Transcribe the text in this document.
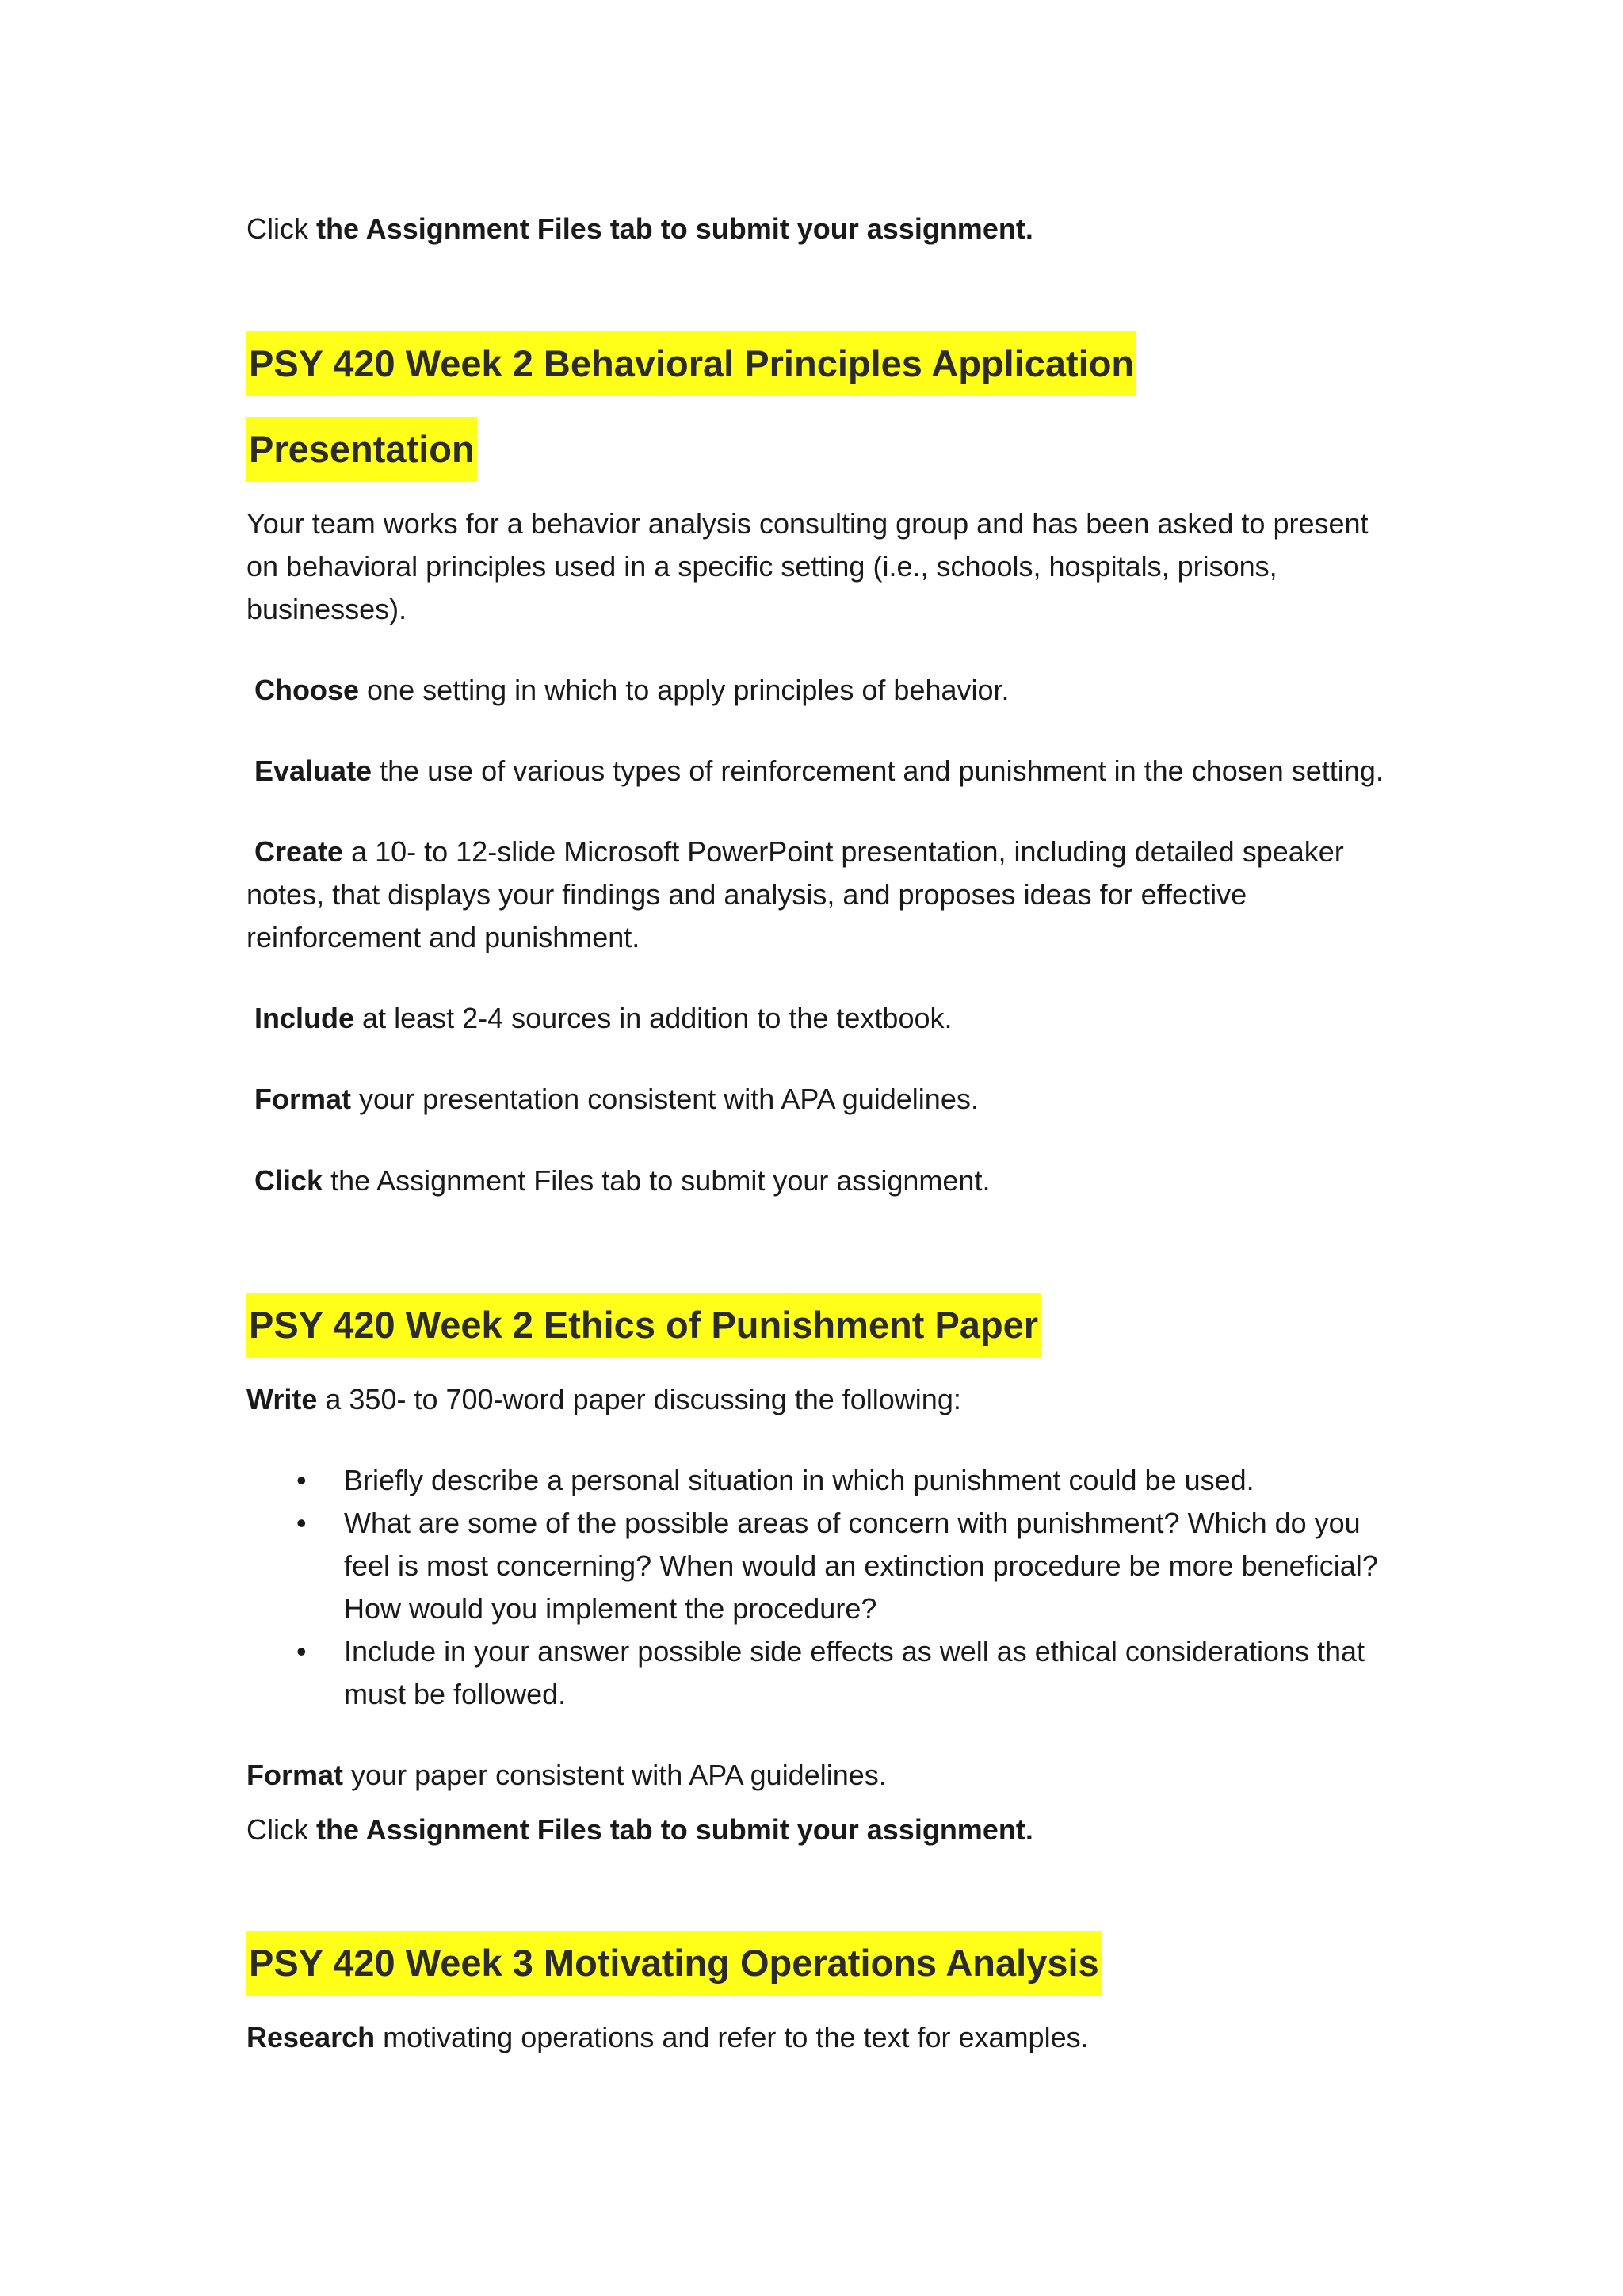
Click the Assignment Files tab to submit your assignment.
PSY 420 Week 2 Behavioral Principles Application
Presentation
Your team works for a behavior analysis consulting group and has been asked to present
on behavioral principles used in a specific setting (i.e., schools, hospitals, prisons,
businesses).
Choose one setting in which to apply principles of behavior.
Evaluate the use of various types of reinforcement and punishment in the chosen setting.
Create a 10- to 12-slide Microsoft PowerPoint presentation, including detailed speaker
notes, that displays your findings and analysis, and proposes ideas for effective
reinforcement and punishment.
Include at least 2-4 sources in addition to the textbook.
Format your presentation consistent with APA guidelines.
Click the Assignment Files tab to submit your assignment.
PSY 420 Week 2 Ethics of Punishment Paper
Write a 350- to 700-word paper discussing the following:
• Briefly describe a personal situation in which punishment could be used.
• What are some of the possible areas of concern with punishment? Which do you
feel is most concerning? When would an extinction procedure be more beneficial?
How would you implement the procedure?
• Include in your answer possible side effects as well as ethical considerations that
must be followed.
Format your paper consistent with APA guidelines.
Click the Assignment Files tab to submit your assignment.
PSY 420 Week 3 Motivating Operations Analysis
Research motivating operations and refer to the text for examples.
